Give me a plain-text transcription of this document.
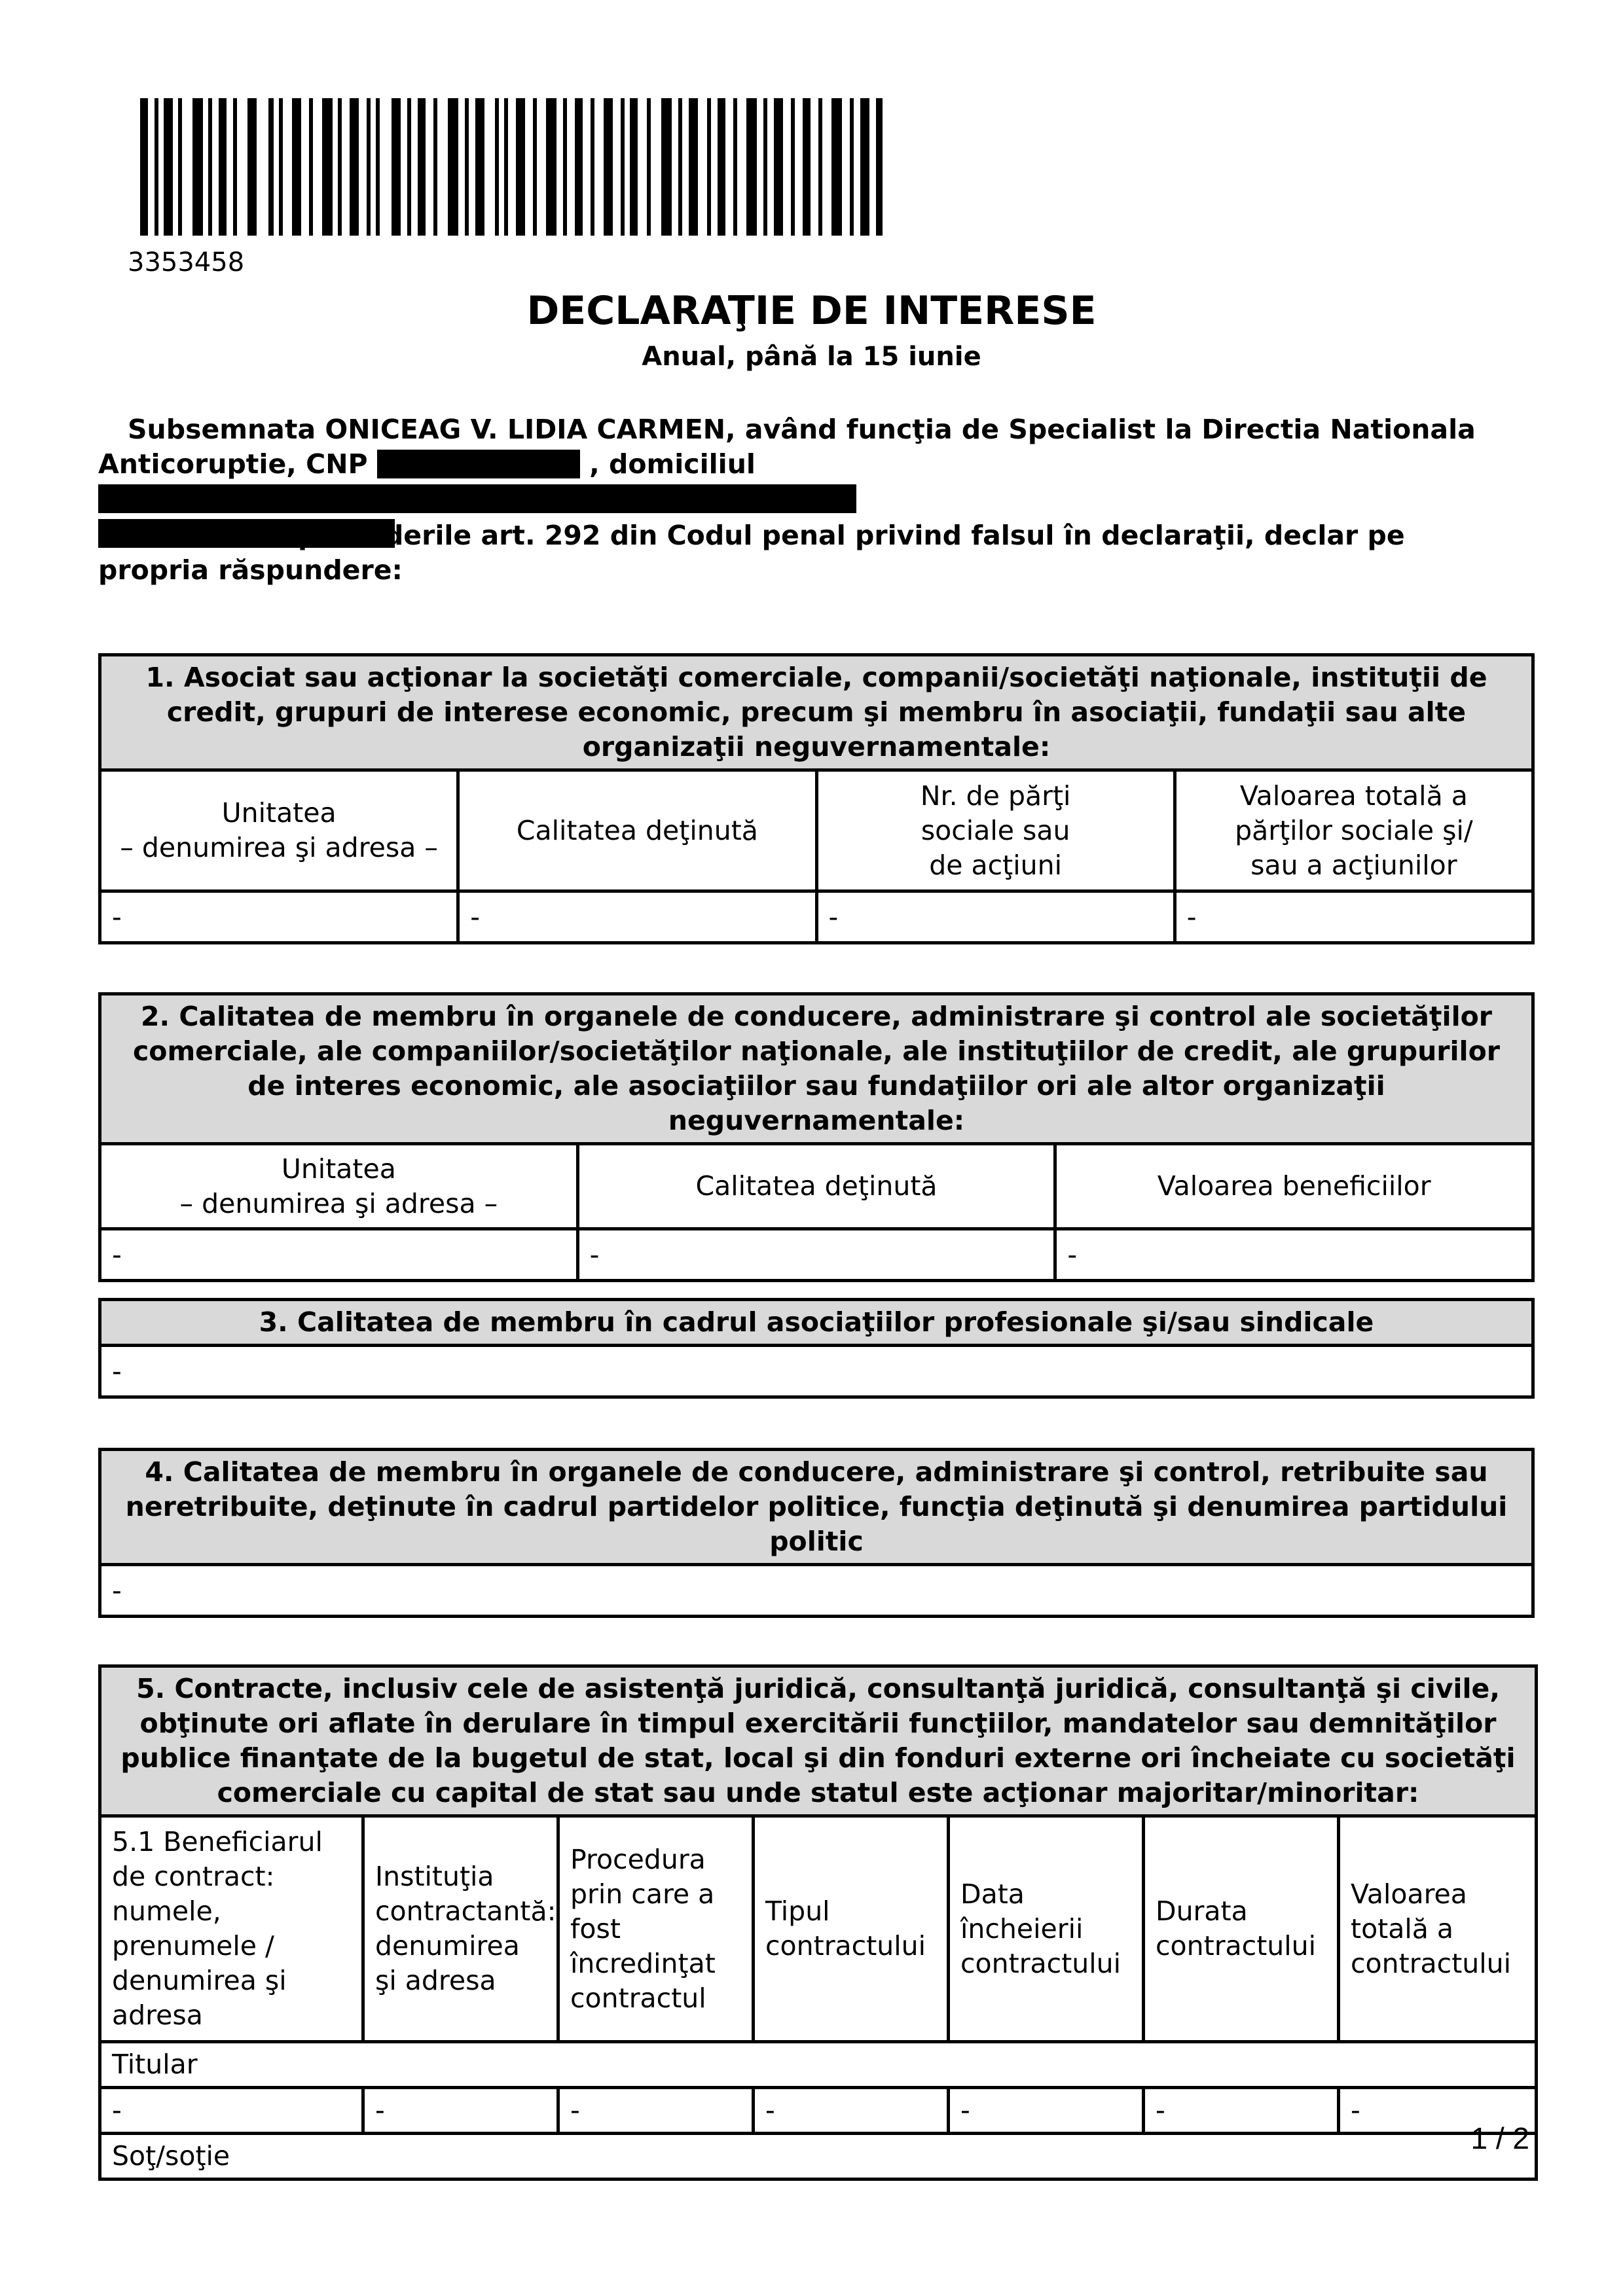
3353458
DECLARAŢIE DE INTERESE
Anual, până la 15 iunie
Subsemnata ONICEAG V. LIDIA CARMEN, având funcţia de Specialist la Directia Nationala Anticoruptie, CNP	, domiciliul

cunoscând prevederile art. 292 din Codul penal privind falsul în declaraţii, declar pe propria răspundere:
1. Asociat sau acţionar la societăţi comerciale, companii/societăţi naţionale, instituţii de credit, grupuri de interese economic, precum şi membru în asociaţii, fundaţii sau alte organizaţii neguvernamentale:			
Unitatea
– denumirea şi adresa –	Calitatea deţinută	Nr. de părţi
sociale sau
de acţiuni	Valoarea totală a
părţilor sociale şi/
sau a acţiunilor
-	-	-	-
2. Calitatea de membru în organele de conducere, administrare şi control ale societăţilor comerciale, ale companiilor/societăţilor naţionale, ale instituţiilor de credit, ale grupurilor de interes economic, ale asociaţiilor sau fundaţiilor ori ale altor organizaţii neguvernamentale:		
Unitatea
– denumirea şi adresa –	Calitatea deţinută	Valoarea beneficiilor
-	-	-
3. Calitatea de membru în cadrul asociaţiilor profesionale şi/sau sindicale
-
4. Calitatea de membru în organele de conducere, administrare şi control, retribuite sau neretribuite, deţinute în cadrul partidelor politice, funcţia deţinută şi denumirea partidului politic
-
5. Contracte, inclusiv cele de asistenţă juridică, consultanţă juridică, consultanţă şi civile, obţinute ori aflate în derulare în timpul exercitării funcţiilor, mandatelor sau demnităţilor publice finanţate de la bugetul de stat, local şi din fonduri externe ori încheiate cu societăţi comerciale cu capital de stat sau unde statul este acţionar majoritar/minoritar:						
5.1 Beneficiarul de contract: numele, prenumele / denumirea şi adresa	Instituţia contractantă: denumirea şi adresa	Procedura prin care a fost încredinţat contractul	Tipul contractului	Data încheierii contractului	Durata contractului	Valoarea totală a contractului
Titular						
-	-	-	-	-	-	-
Soţ/soţie						
1 / 2
